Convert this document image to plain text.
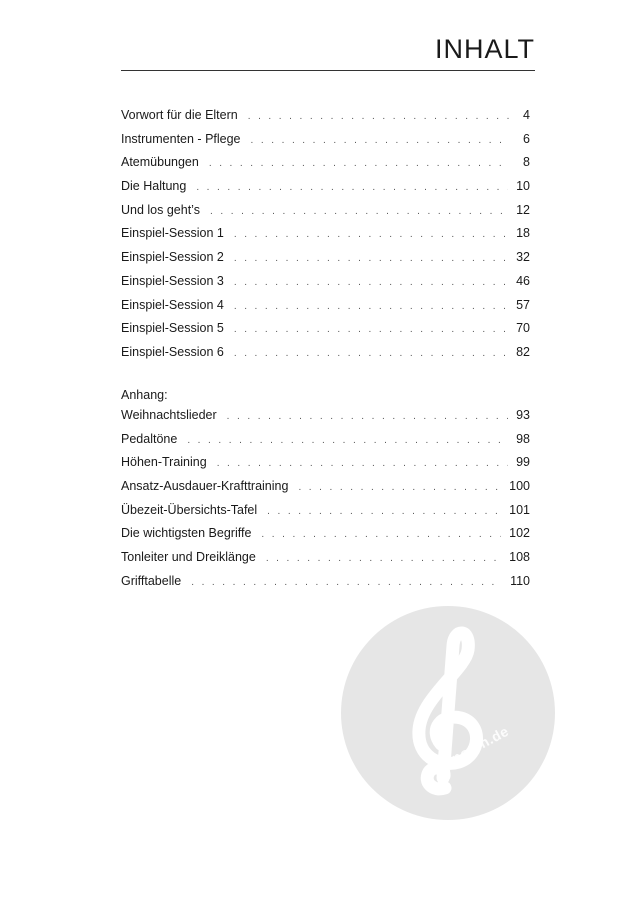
INHALT
Vorwort für die Eltern . . .	4
Instrumenten - Pflege . . .	6
Atemübungen . . .	8
Die Haltung . . .	10
Und los geht’s . . .	12
Einspiel-Session 1 . . .	18
Einspiel-Session 2 . . .	32
Einspiel-Session 3 . . .	46
Einspiel-Session 4 . . .	57
Einspiel-Session 5 . . .	70
Einspiel-Session 6 . . .	82
Anhang:
Weihnachtslieder . . .	93
Pedaltöne . . .	98
Höhen-Training . . .	99
Ansatz-Ausdauer-Krafttraining . . .	100
Übezeit-Übersichts-Tafel . . .	101
Die wichtigsten Begriffe . . .	102
Tonleiter und Dreiklänge . . .	108
Grifftabelle . . .	110
alle-noten.de
